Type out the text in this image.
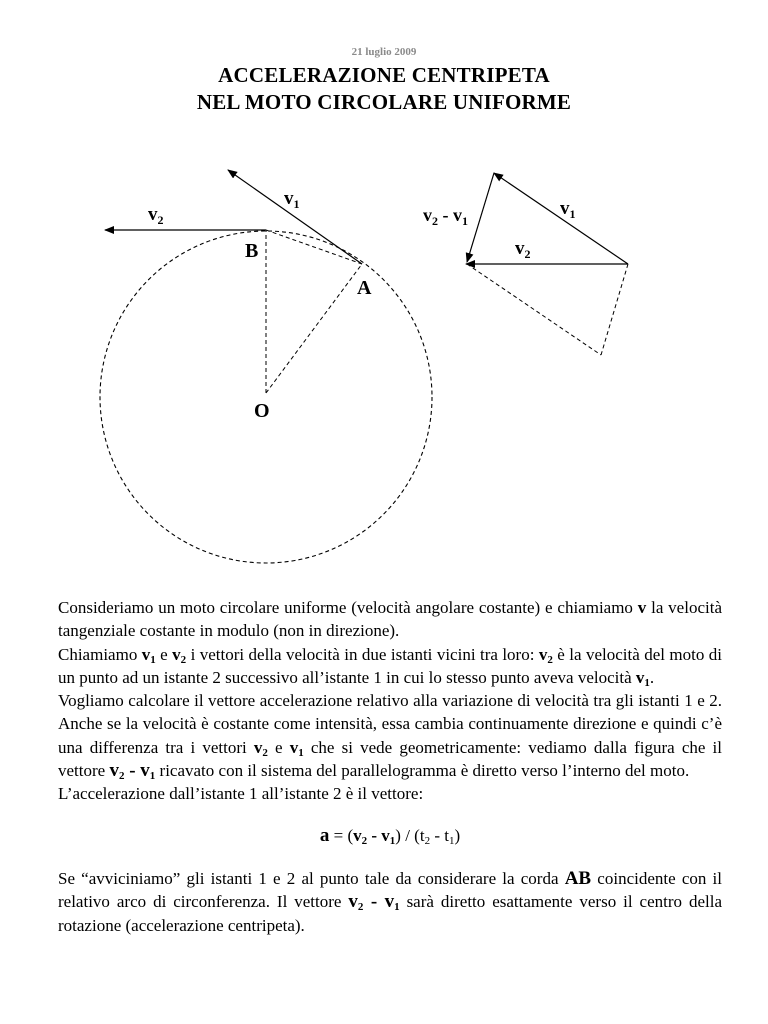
21 luglio 2009
ACCELERAZIONE CENTRIPETA
NEL MOTO CIRCOLARE UNIFORME
$v_1$
$v_2$
B
A
O
$v_1$
$v_2$
$v_2 - v_1$

Consideriamo un moto circolare uniforme (velocità angolare costante) e chiamiamo v la velocità tangenziale costante in modulo (non in direzione).

Chiamiamo $v_1$ e $v_2$ i vettori della velocità in due istanti vicini tra loro: $v_2$ è la velocità del moto di un punto ad un istante 2 successivo all’istante 1 in cui lo stesso punto aveva velocità $v_1$.

Vogliamo calcolare il vettore accelerazione relativo alla variazione di velocità tra gli istanti 1 e 2. Anche se la velocità è costante come intensità, essa cambia continuamente direzione e quindi c’è una differenza tra i vettori $v_2$ e $v_1$ che si vede geometricamente: vediamo dalla figura che il vettore $v_2 - v_1$ ricavato con il sistema del parallelogramma è diretto verso l’interno del moto.

L’accelerazione dall’istante 1 all’istante 2 è il vettore:

$a = (v_2 - v_1) / (t_2 - t_1)$

Se “avviciniamo” gli istanti 1 e 2 al punto tale da considerare la corda AB coincidente con il relativo arco di circonferenza. Il vettore $v_2 - v_1$ sarà diretto esattamente verso il centro della rotazione (accelerazione centripeta).
